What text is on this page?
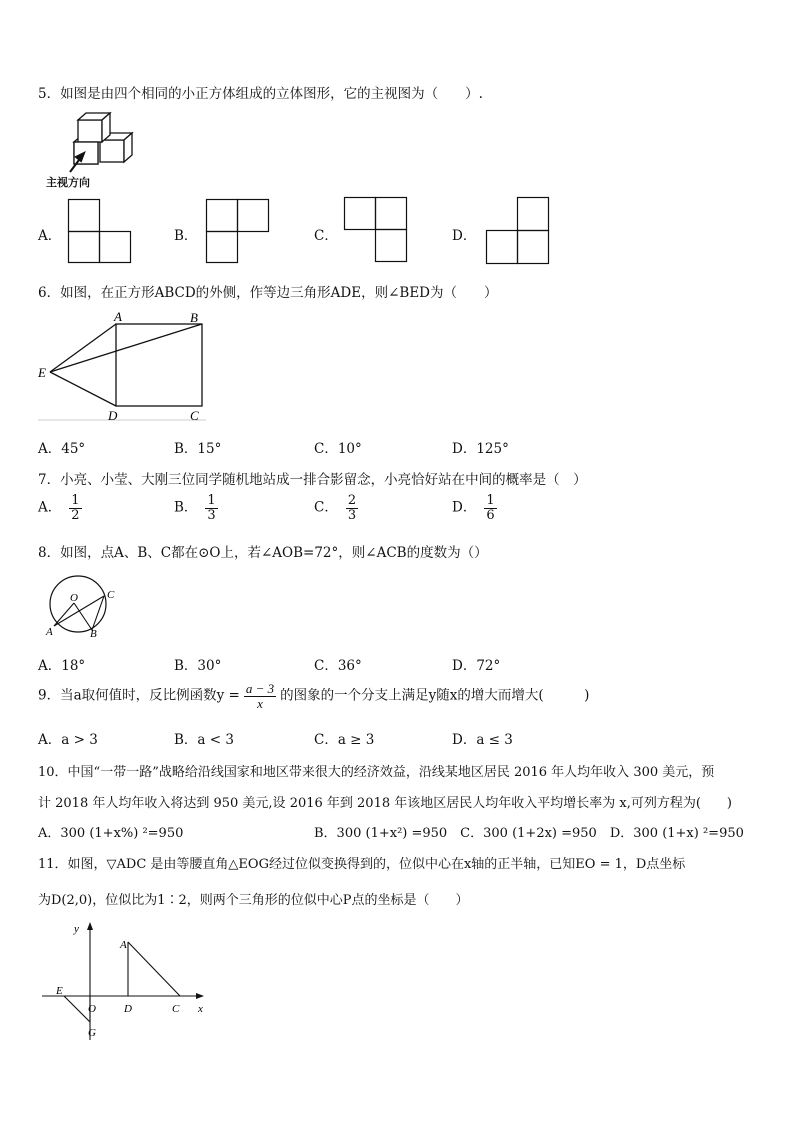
5．如图是由四个相同的小正方体组成的立体图形，它的主视图为（　　）.
主视方向
A．	B．	C．	D．
6．如图，在正方形ABCD的外侧，作等边三角形ADE，则∠BED为（　　）
A	B
E
D	C
A．45°	B．15°	C．10°	D．125°
7．小亮、小莹、大刚三位同学随机地站成一排合影留念，小亮恰好站在中间的概率是（　）
A． $\frac{1}{2}$	B． $\frac{1}{3}$	C． $\frac{2}{3}$	D． $\frac{1}{6}$
8．如图，点A、B、C都在⊙O上，若∠AOB=72°，则∠ACB的度数为（）
O
A	B
C
A．18°	B．30°	C．36°	D．72°
9．当a取何值时，反比例函数$y = \frac{a - 3}{x}$ 的图象的一个分支上满足y随x的增大而增大(　　　)
A．a > 3	B．a < 3	C．a ≥ 3	D．a ≤ 3
10．中国“一带一路”战略给沿线国家和地区带来很大的经济效益，沿线某地区居民 2016 年人均年收入 300 美元，预
计 2018 年人均年收入将达到 950 美元,设 2016 年到 2018 年该地区居民人均年收入平均增长率为 x,可列方程为(　　)
A．300 (1+x%) ²=950	B．300 (1+x²) =950　C．300 (1+2x) =950　D．300 (1+x) ²=950
11．如图，▽ADC 是由等腰直角△EOG经过位似变换得到的，位似中心在x轴的正半轴，已知EO = 1，D点坐标
为D(2,0)，位似比为1∶2，则两个三角形的位似中心P点的坐标是（　　）
y
x
A
E
O	D	C
G
